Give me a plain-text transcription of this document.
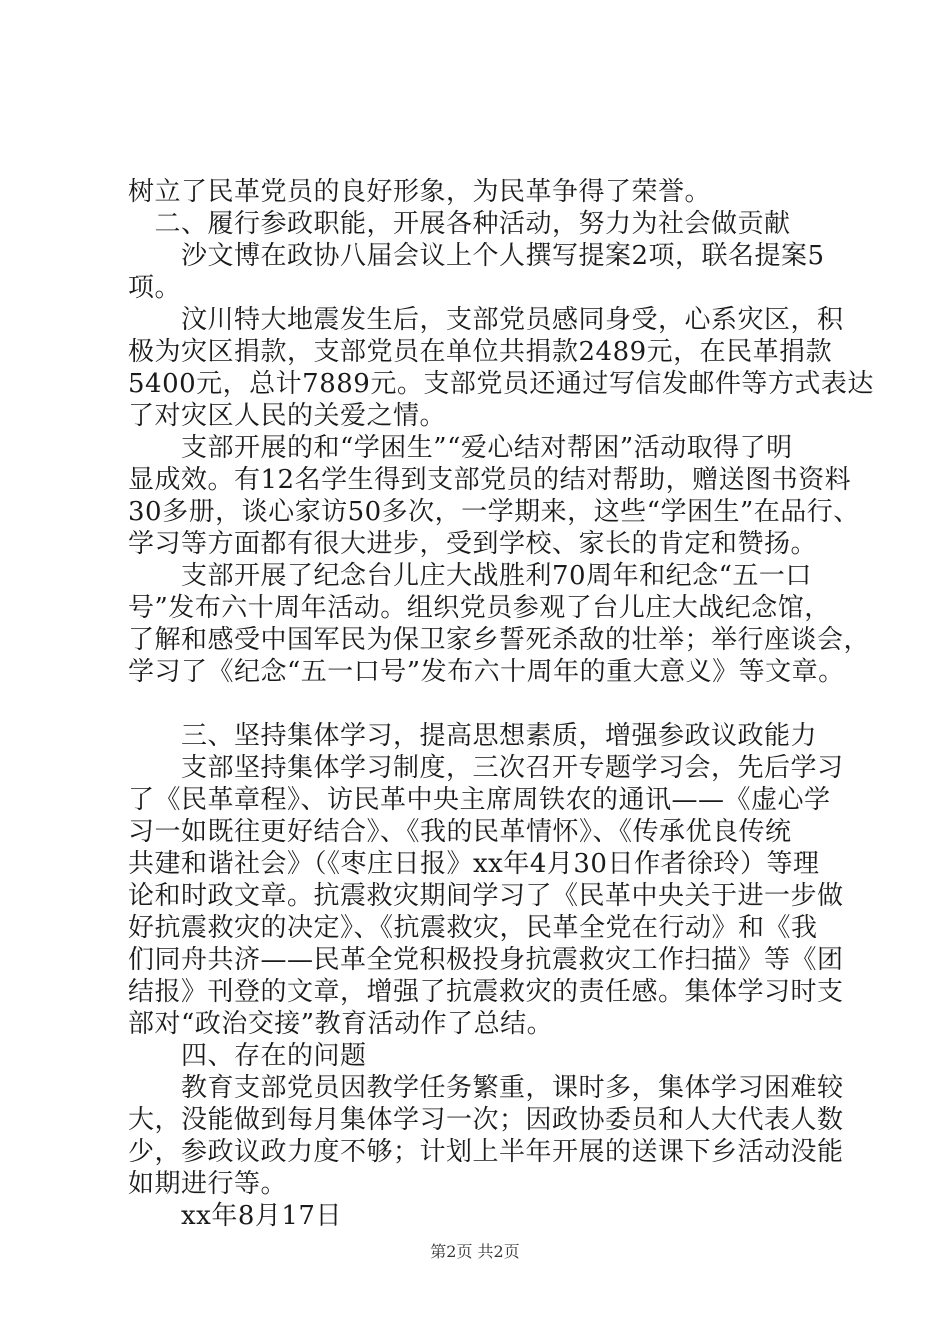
树立了民革党员的良好形象，为民革争得了荣誉。
　二、履行参政职能，开展各种活动，努力为社会做贡献
　　沙文博在政协八届会议上个人撰写提案2项，联名提案5
项。
　　汶川特大地震发生后，支部党员感同身受，心系灾区，积
极为灾区捐款，支部党员在单位共捐款2489元，在民革捐款
5400元，总计7889元。支部党员还通过写信发邮件等方式表达
了对灾区人民的关爱之情。
　　支部开展的和“学困生”“爱心结对帮困”活动取得了明
显成效。有12名学生得到支部党员的结对帮助，赠送图书资料
30多册，谈心家访50多次，一学期来，这些“学困生”在品行、
学习等方面都有很大进步，受到学校、家长的肯定和赞扬。
　　支部开展了纪念台儿庄大战胜利70周年和纪念“五一口
号”发布六十周年活动。组织党员参观了台儿庄大战纪念馆，
了解和感受中国军民为保卫家乡誓死杀敌的壮举；举行座谈会，
学习了《纪念“五一口号”发布六十周年的重大意义》等文章。
　　三、坚持集体学习，提高思想素质，增强参政议政能力
　　支部坚持集体学习制度，三次召开专题学习会，先后学习
了《民革章程》、访民革中央主席周铁农的通讯——《虚心学
习一如既往更好结合》、《我的民革情怀》、《传承优良传统
共建和谐社会》（《枣庄日报》xx年4月30日作者徐玲）等理
论和时政文章。抗震救灾期间学习了《民革中央关于进一步做
好抗震救灾的决定》、《抗震救灾，民革全党在行动》和《我
们同舟共济——民革全党积极投身抗震救灾工作扫描》等《团
结报》刊登的文章，增强了抗震救灾的责任感。集体学习时支
部对“政治交接”教育活动作了总结。
　　四、存在的问题
　　教育支部党员因教学任务繁重，课时多，集体学习困难较
大，没能做到每月集体学习一次；因政协委员和人大代表人数
少，参政议政力度不够；计划上半年开展的送课下乡活动没能
如期进行等。
　　xx年8月17日
第2页 共2页
